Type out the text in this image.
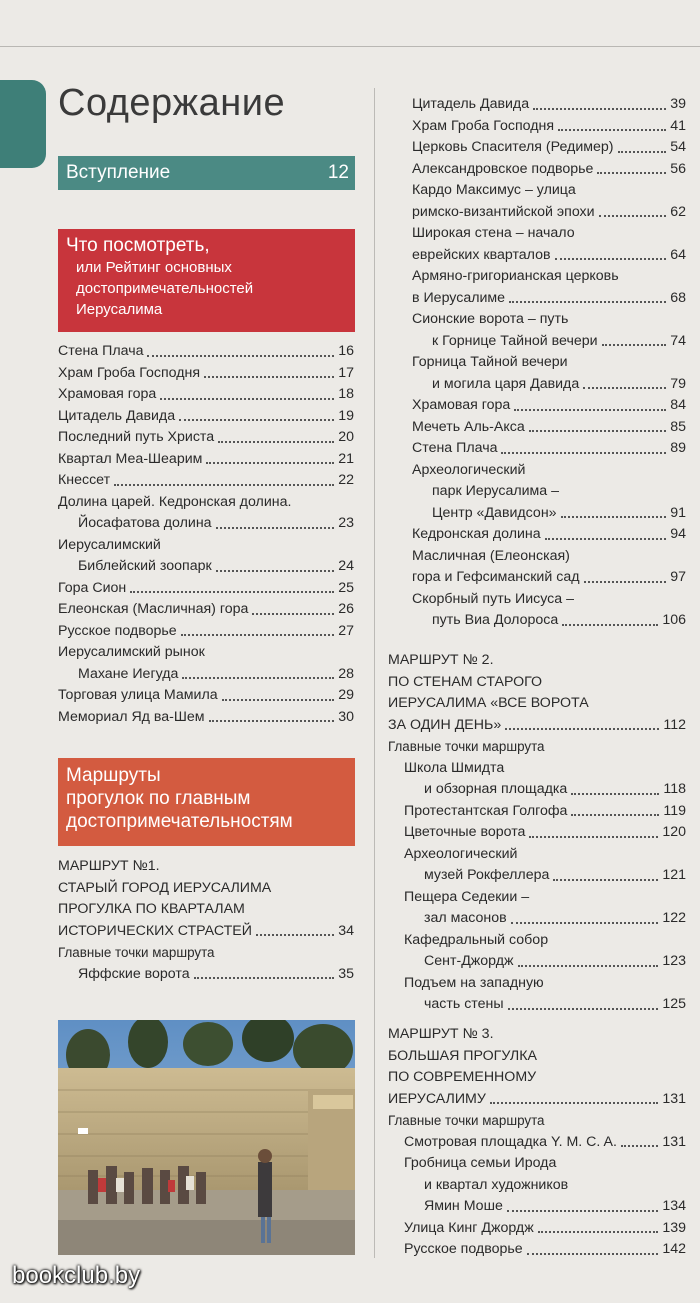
Содержание
Вступление	12
Что посмотреть,
или Рейтинг основных
достопримечательностей
Иерусалима
Стена Плача	16
Храм Гроба Господня	17
Храмовая гора	18
Цитадель Давида	19
Последний путь Христа	20
Квартал Меа-Шеарим	21
Кнессет	22
Долина царей. Кедронская долина.
Йосафатова долина	23
Иерусалимский
Библейский зоопарк	24
Гора Сион	25
Елеонская (Масличная) гора	26
Русское подворье	27
Иерусалимский рынок
Махане Иегуда	28
Торговая улица Мамила	29
Мемориал Яд ва-Шем	30
Маршруты
прогулок по главным
достопримечательностям
МАРШРУТ №1.
СТАРЫЙ ГОРОД ИЕРУСАЛИМА
ПРОГУЛКА ПО КВАРТАЛАМ
ИСТОРИЧЕСКИХ СТРАСТЕЙ	34
Главные точки маршрута
Яффские ворота	35
Цитадель Давида	39
Храм Гроба Господня	41
Церковь Спасителя (Редимер)	54
Александровское подворье	56
Кардо Максимус – улица
римско-византийской эпохи	62
Широкая стена – начало
еврейских кварталов	64
Армяно-григорианская церковь
в Иерусалиме	68
Сионские ворота – путь
к Горнице Тайной вечери	74
Горница Тайной вечери
и могила царя Давида	79
Храмовая гора	84
Мечеть Аль-Акса	85
Стена Плача	89
Археологический
парк Иерусалима –
Центр «Давидсон»	91
Кедронская долина	94
Масличная (Елеонская)
гора и Гефсиманский сад	97
Скорбный путь Иисуса –
путь Виа Долороса	106
МАРШРУТ № 2.
ПО СТЕНАМ СТАРОГО
ИЕРУСАЛИМА «ВСЕ ВОРОТА
ЗА ОДИН ДЕНЬ»	112
Главные точки маршрута
Школа Шмидта
и обзорная площадка	118
Протестантская Голгофа	119
Цветочные ворота	120
Археологический
музей Рокфеллера	121
Пещера Седекии –
зал масонов	122
Кафедральный собор
Сент-Джордж	123
Подъем на западную
часть стены	125
МАРШРУТ № 3.
БОЛЬШАЯ ПРОГУЛКА
ПО СОВРЕМЕННОМУ
ИЕРУСАЛИМУ	131
Главные точки маршрута
Смотровая площадка Y. M. C. A.	131
Гробница семьи Ирода
и квартал художников
Ямин Моше	134
Улица Кинг Джордж	139
Русское подворье	142
bookclub.by
